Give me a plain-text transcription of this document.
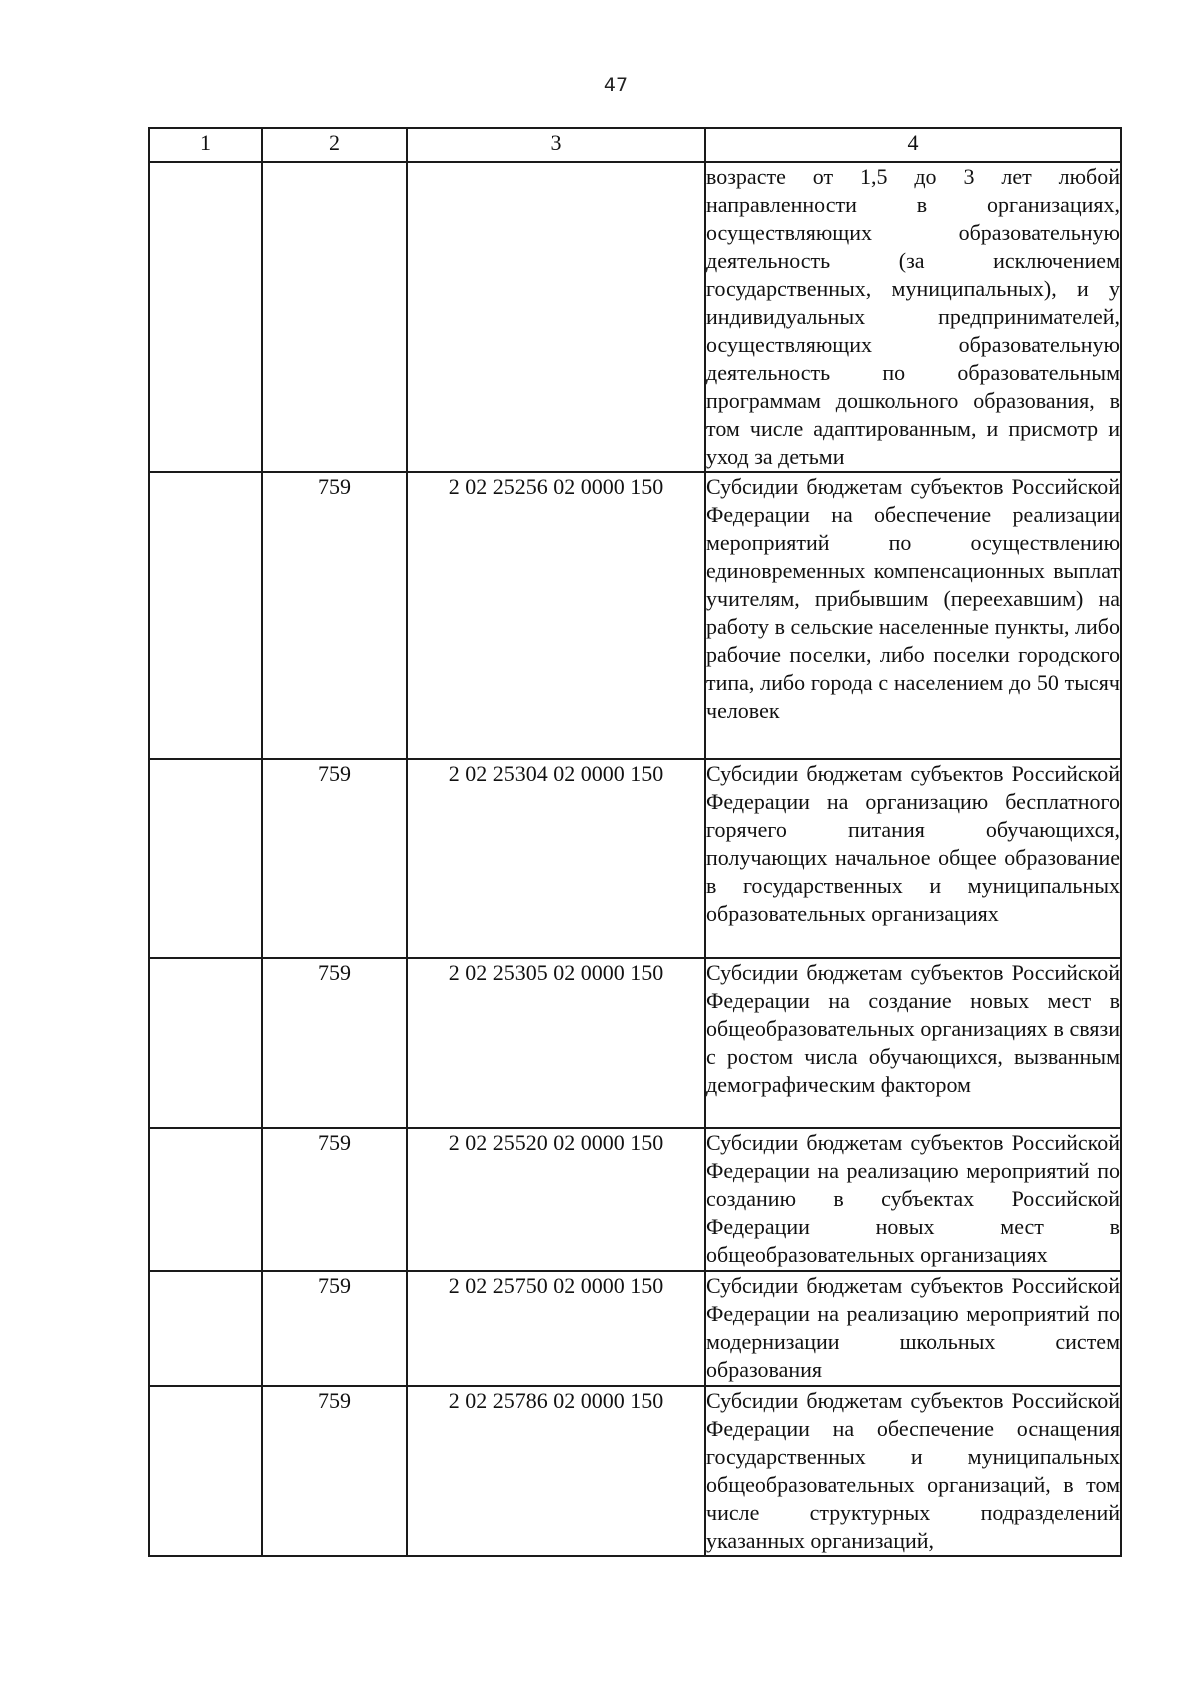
47
1	2	3	4
			возрасте от 1,5 до 3 лет любой направленности в организациях, осуществляющих образовательную деятельность (за исключением государственных, муниципальных), и у индивидуальных предпринимателей, осуществляющих образовательную деятельность по образовательным программам дошкольного образования, в том числе адаптированным, и присмотр и уход за детьми
	759	2 02 25256 02 0000 150	Субсидии бюджетам субъектов Российской Федерации на обеспечение реализации мероприятий по осуществлению единовременных компенсационных выплат учителям, прибывшим (переехавшим) на работу в сельские населенные пункты, либо рабочие поселки, либо поселки городского типа, либо города с населением до 50 тысяч человек
	759	2 02 25304 02 0000 150	Субсидии бюджетам субъектов Российской Федерации на организацию бесплатного горячего питания обучающихся, получающих начальное общее образование в государственных и муниципальных образовательных организациях
	759	2 02 25305 02 0000 150	Субсидии бюджетам субъектов Российской Федерации на создание новых мест в общеобразовательных организациях в связи с ростом числа обучающихся, вызванным демографическим фактором
	759	2 02 25520 02 0000 150	Субсидии бюджетам субъектов Российской Федерации на реализацию мероприятий по созданию в субъектах Российской Федерации новых мест в общеобразовательных организациях
	759	2 02 25750 02 0000 150	Субсидии бюджетам субъектов Российской Федерации на реализацию мероприятий по модернизации школьных систем образования
	759	2 02 25786 02 0000 150	Субсидии бюджетам субъектов Российской Федерации на обеспечение оснащения государственных и муниципальных общеобразовательных организаций, в том числе структурных подразделений указанных организаций,
